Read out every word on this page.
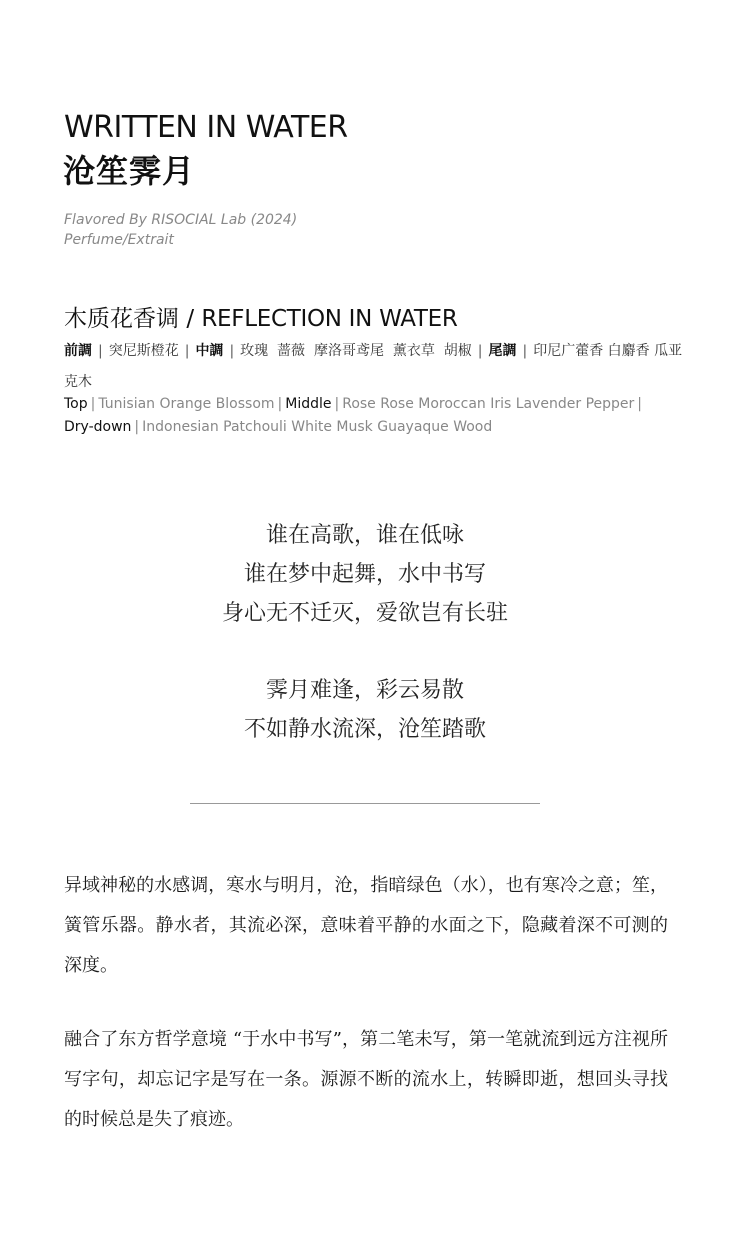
WRITTEN IN WATER
沧笙霁月
Flavored By RISOCIAL Lab (2024)
Perfume/Extrait
木质花香调 / REFLECTION IN WATER
前調 | 突尼斯橙花 | 中調 | 玫瑰  蔷薇  摩洛哥鸢尾  薰衣草  胡椒 | 尾調 | 印尼广藿香 白麝香 瓜亚克木
Top | Tunisian Orange Blossom | Middle | Rose Rose Moroccan Iris Lavender Pepper |
Dry-down | Indonesian Patchouli White Musk Guayaque Wood
谁在高歌，谁在低咏
谁在梦中起舞，水中书写
身心无不迁灭，爱欲岂有长驻
霁月难逢，彩云易散
不如静水流深，沧笙踏歌
异域神秘的水感调，寒水与明月，沧，指暗绿色（水），也有寒冷之意；笙，簧管乐器。静水者，其流必深，意味着平静的水面之下，隐藏着深不可测的深度。
融合了东方哲学意境 “于水中书写”，第二笔未写，第一笔就流到远方注视所写字句，却忘记字是写在一条。源源不断的流水上，转瞬即逝，想回头寻找的时候总是失了痕迹。
